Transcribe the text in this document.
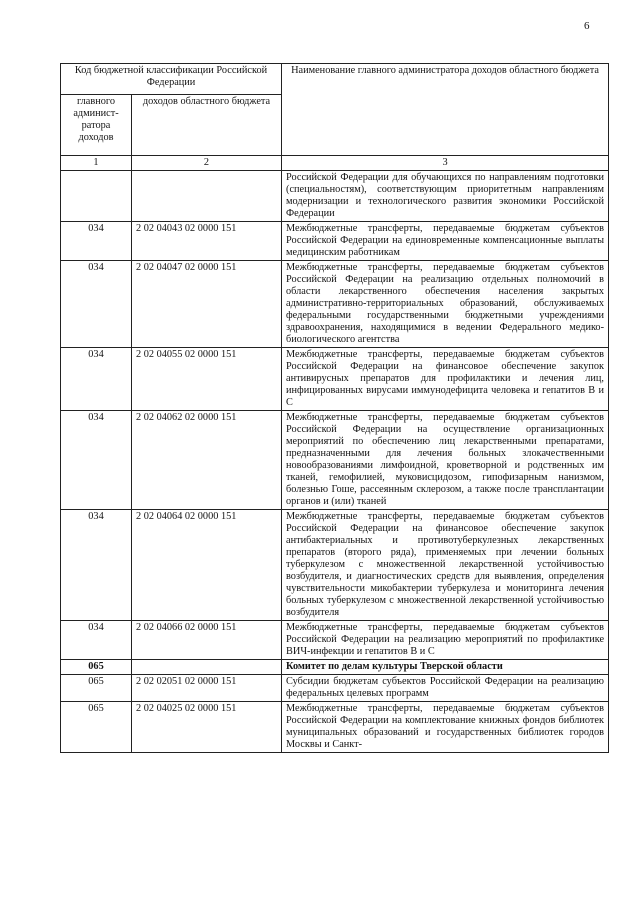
6
Код бюджетной классификации Российской Федерации		Наименование главного администратора доходов областного бюджета
главного админист-ратора доходов	доходов областного бюджета	
1	2	3
		Российской Федерации для обучающихся по направлениям подготовки (специальностям), соответствующим приоритетным направлениям модернизации и технологического развития экономики Российской Федерации
034	2 02 04043 02 0000 151	Межбюджетные трансферты, передаваемые бюджетам субъектов Российской Федерации на единовременные компенсационные выплаты медицинским работникам
034	2 02 04047 02 0000 151	Межбюджетные трансферты, передаваемые бюджетам субъектов Российской Федерации на реализацию отдельных полномочий в области лекарственного обеспечения населения закрытых административно-территориальных образований, обслуживаемых федеральными государственными бюджетными учреждениями здравоохранения, находящимися в ведении Федерального медико-биологического агентства
034	2 02 04055 02 0000 151	Межбюджетные трансферты, передаваемые бюджетам субъектов Российской Федерации на финансовое обеспечение закупок антивирусных препаратов для профилактики и лечения лиц, инфицированных вирусами иммунодефицита человека и гепатитов В и С
034	2 02 04062 02 0000 151	Межбюджетные трансферты, передаваемые бюджетам субъектов Российской Федерации на осуществление организационных мероприятий по обеспечению лиц лекарственными препаратами, предназначенными для лечения больных злокачественными новообразованиями лимфоидной, кроветворной и родственных им тканей, гемофилией, муковисцидозом, гипофизарным нанизмом, болезнью Гоше, рассеянным склерозом, а также после трансплантации органов и (или) тканей
034	2 02 04064 02 0000 151	Межбюджетные трансферты, передаваемые бюджетам субъектов Российской Федерации на финансовое обеспечение закупок антибактериальных и противотуберкулезных лекарственных препаратов (второго ряда), применяемых при лечении больных туберкулезом с множественной лекарственной устойчивостью возбудителя, и диагностических средств для выявления, определения чувствительности микобактерии туберкулеза и мониторинга лечения больных туберкулезом с множественной лекарственной устойчивостью возбудителя
034	2 02 04066 02 0000 151	Межбюджетные трансферты, передаваемые бюджетам субъектов Российской Федерации на реализацию мероприятий по профилактике ВИЧ-инфекции и гепатитов В и С
065		Комитет по делам культуры Тверской области
065	2 02 02051 02 0000 151	Субсидии бюджетам субъектов Российской Федерации на реализацию федеральных целевых программ
065	2 02 04025 02 0000 151	Межбюджетные трансферты, передаваемые бюджетам субъектов Российской Федерации на комплектование книжных фондов библиотек муниципальных образований и государственных библиотек городов Москвы и Санкт-
